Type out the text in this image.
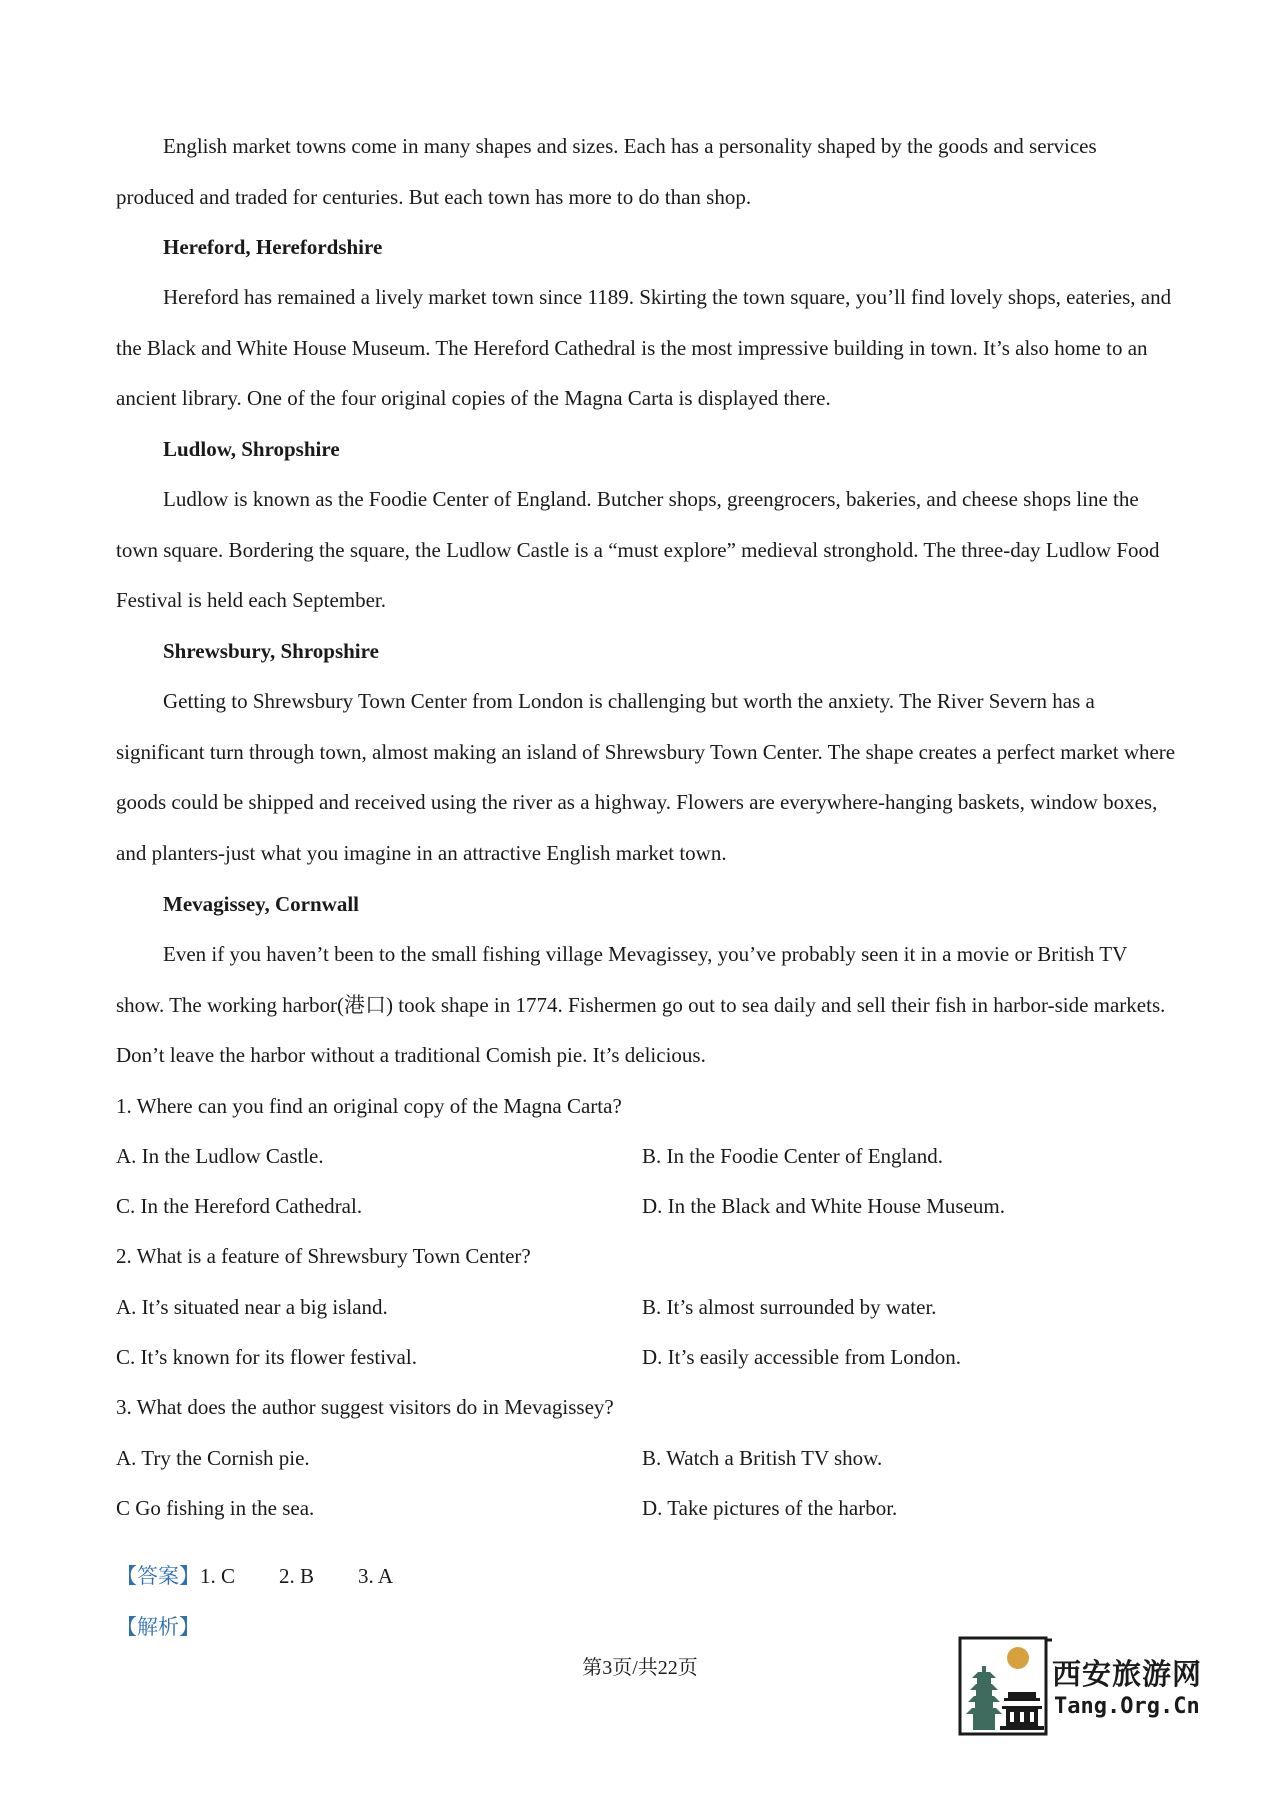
English market towns come in many shapes and sizes. Each has a personality shaped by the goods and services produced and traded for centuries. But each town has more to do than shop.

Hereford, Herefordshire

Hereford has remained a lively market town since 1189. Skirting the town square, you’ll find lovely shops, eateries, and the Black and White House Museum. The Hereford Cathedral is the most impressive building in town. It’s also home to an ancient library. One of the four original copies of the Magna Carta is displayed there.

Ludlow, Shropshire

Ludlow is known as the Foodie Center of England. Butcher shops, greengrocers, bakeries, and cheese shops line the town square. Bordering the square, the Ludlow Castle is a “must explore” medieval stronghold. The three-day Ludlow Food Festival is held each September.

Shrewsbury, Shropshire

Getting to Shrewsbury Town Center from London is challenging but worth the anxiety. The River Severn has a significant turn through town, almost making an island of Shrewsbury Town Center. The shape creates a perfect market where goods could be shipped and received using the river as a highway. Flowers are everywhere-hanging baskets, window boxes, and planters-just what you imagine in an attractive English market town.

Mevagissey, Cornwall

Even if you haven’t been to the small fishing village Mevagissey, you’ve probably seen it in a movie or British TV show. The working harbor(港口) took shape in 1774. Fishermen go out to sea daily and sell their fish in harbor-side markets. Don’t leave the harbor without a traditional Comish pie. It’s delicious.

1. Where can you find an original copy of the Magna Carta?

A. In the Ludlow Castle.	B. In the Foodie Center of England.

C. In the Hereford Cathedral.	D. In the Black and White House Museum.

2. What is a feature of Shrewsbury Town Center?

A. It’s situated near a big island.	B. It’s almost surrounded by water.

C. It’s known for its flower festival.	D. It’s easily accessible from London.

3. What does the author suggest visitors do in Mevagissey?

A. Try the Cornish pie.	B. Watch a British TV show.

C Go fishing in the sea.	D. Take pictures of the harbor.

【答案】1. C 2. B 3. A

【解析】

第3页/共22页	西安旅游网
Tang.Org.Cn
